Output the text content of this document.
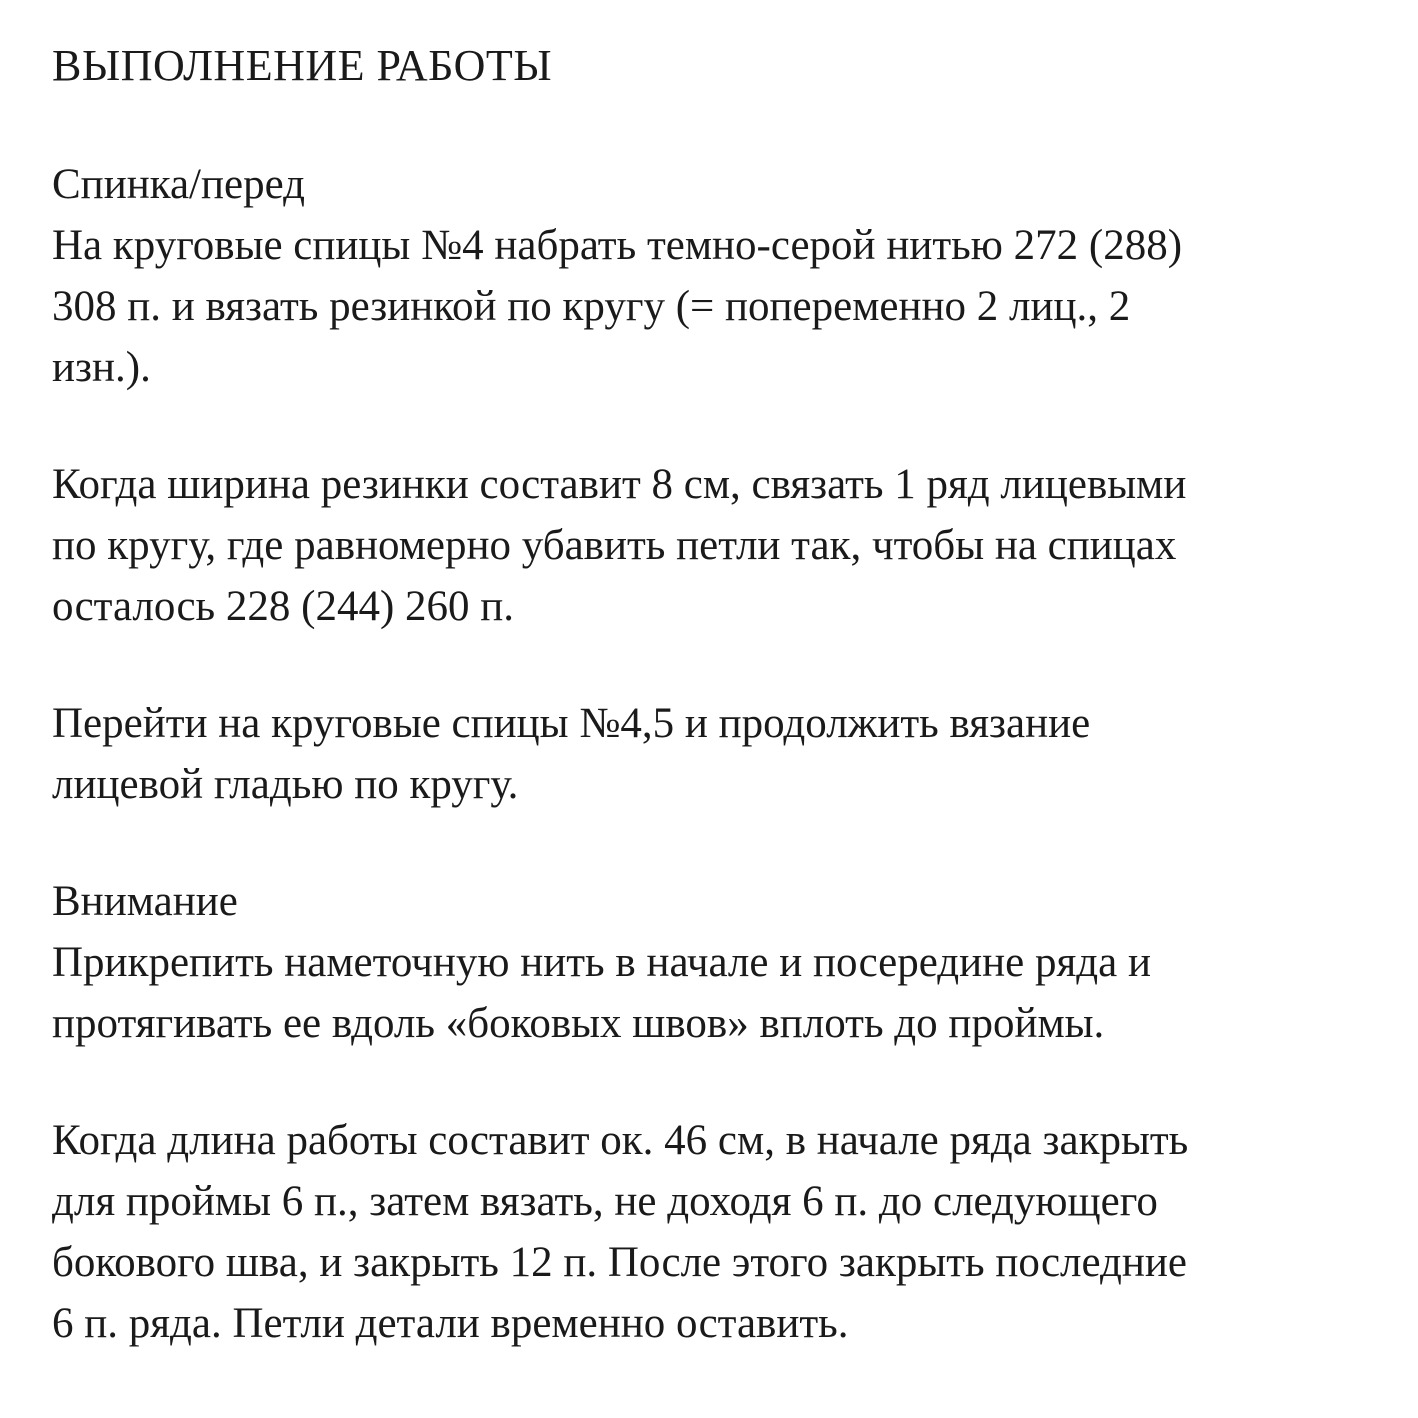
ВЫПОЛНЕНИЕ РАБОТЫ
Спинка/перед
На круговые спицы №4 набрать темно-серой нитью 272 (288)
308 п. и вязать резинкой по кругу (= попеременно 2 лиц., 2
изн.).
Когда ширина резинки составит 8 см, связать 1 ряд лицевыми
по кругу, где равномерно убавить петли так, чтобы на спицах
осталось 228 (244) 260 п.
Перейти на круговые спицы №4,5 и продолжить вязание
лицевой гладью по кругу.
Внимание
Прикрепить наметочную нить в начале и посередине ряда и
протягивать ее вдоль «боковых швов» вплоть до проймы.
Когда длина работы составит ок. 46 см, в начале ряда закрыть
для проймы 6 п., затем вязать, не доходя 6 п. до следующего
бокового шва, и закрыть 12 п. После этого закрыть последние
6 п. ряда. Петли детали временно оставить.
